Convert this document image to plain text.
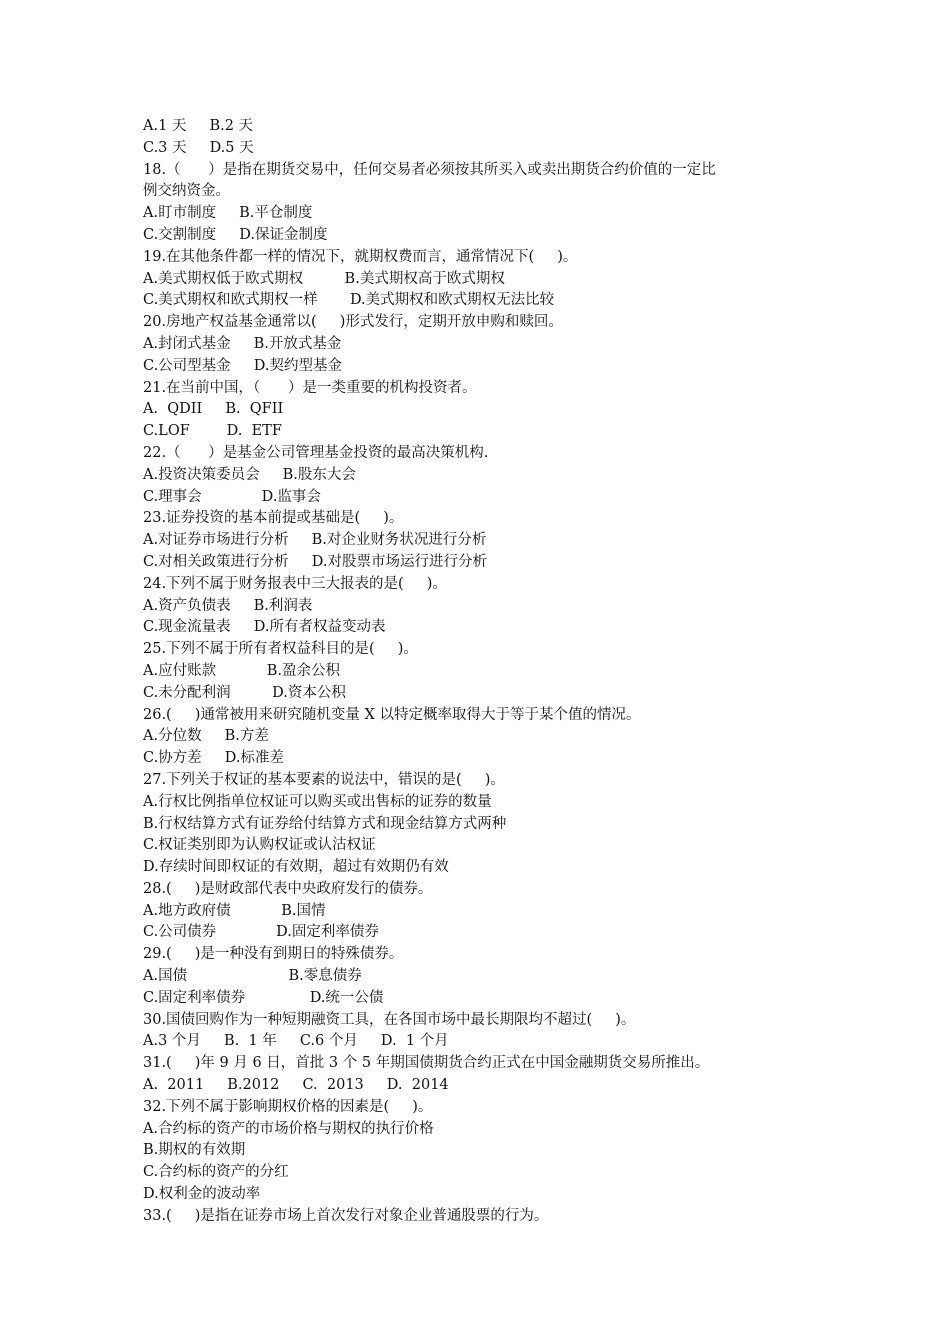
A.1 天     B.2 天
C.3 天     D.5 天
18.（      ）是指在期货交易中，任何交易者必须按其所买入或卖出期货合约价值的一定比
例交纳资金。
A.盯市制度     B.平仓制度
C.交割制度     D.保证金制度
19.在其他条件都一样的情况下，就期权费而言，通常情况下(     )。
A.美式期权低于欧式期权         B.美式期权高于欧式期权
C.美式期权和欧式期权一样       D.美式期权和欧式期权无法比较
20.房地产权益基金通常以(     )形式发行，定期开放申购和赎回。
A.封闭式基金     B.开放式基金
C.公司型基金     D.契约型基金
21.在当前中国，（      ）是一类重要的机构投资者。
A.  QDII     B.  QFII
C.LOF        D.  ETF
22.（      ）是基金公司管理基金投资的最高决策机构.
A.投资决策委员会     B.股东大会
C.理事会             D.监事会
23.证券投资的基本前提或基础是(     )。
A.对证券市场进行分析     B.对企业财务状况进行分析
C.对相关政策进行分析     D.对股票市场运行进行分析
24.下列不属于财务报表中三大报表的是(     )。
A.资产负债表     B.利润表
C.现金流量表     D.所有者权益变动表
25.下列不属于所有者权益科目的是(     )。
A.应付账款           B.盈余公积
C.未分配利润         D.资本公积
26.(     )通常被用来研究随机变量 X 以特定概率取得大于等于某个值的情况。
A.分位数     B.方差
C.协方差     D.标准差
27.下列关于权证的基本要素的说法中，错误的是(     )。
A.行权比例指单位权证可以购买或出售标的证券的数量
B.行权结算方式有证券给付结算方式和现金结算方式两种
C.权证类别即为认购权证或认沽权证
D.存续时间即权证的有效期，超过有效期仍有效
28.(     )是财政部代表中央政府发行的债券。
A.地方政府债           B.国情
C.公司债券             D.固定利率债券
29.(     )是一种没有到期日的特殊债券。
A.国债                      B.零息债券
C.固定利率债券              D.统一公债
30.国债回购作为一种短期融资工具，在各国市场中最长期限均不超过(     )。
A.3 个月     B.  1 年     C.6 个月     D.  1 个月
31.(     )年 9 月 6 日，首批 3 个 5 年期国债期货合约正式在中国金融期货交易所推出。
A.  2011     B.2012     C.  2013     D.  2014
32.下列不属于影响期权价格的因素是(     )。
A.合约标的资产的市场价格与期权的执行价格
B.期权的有效期
C.合约标的资产的分红
D.权利金的波动率
33.(     )是指在证券市场上首次发行对象企业普通股票的行为。
